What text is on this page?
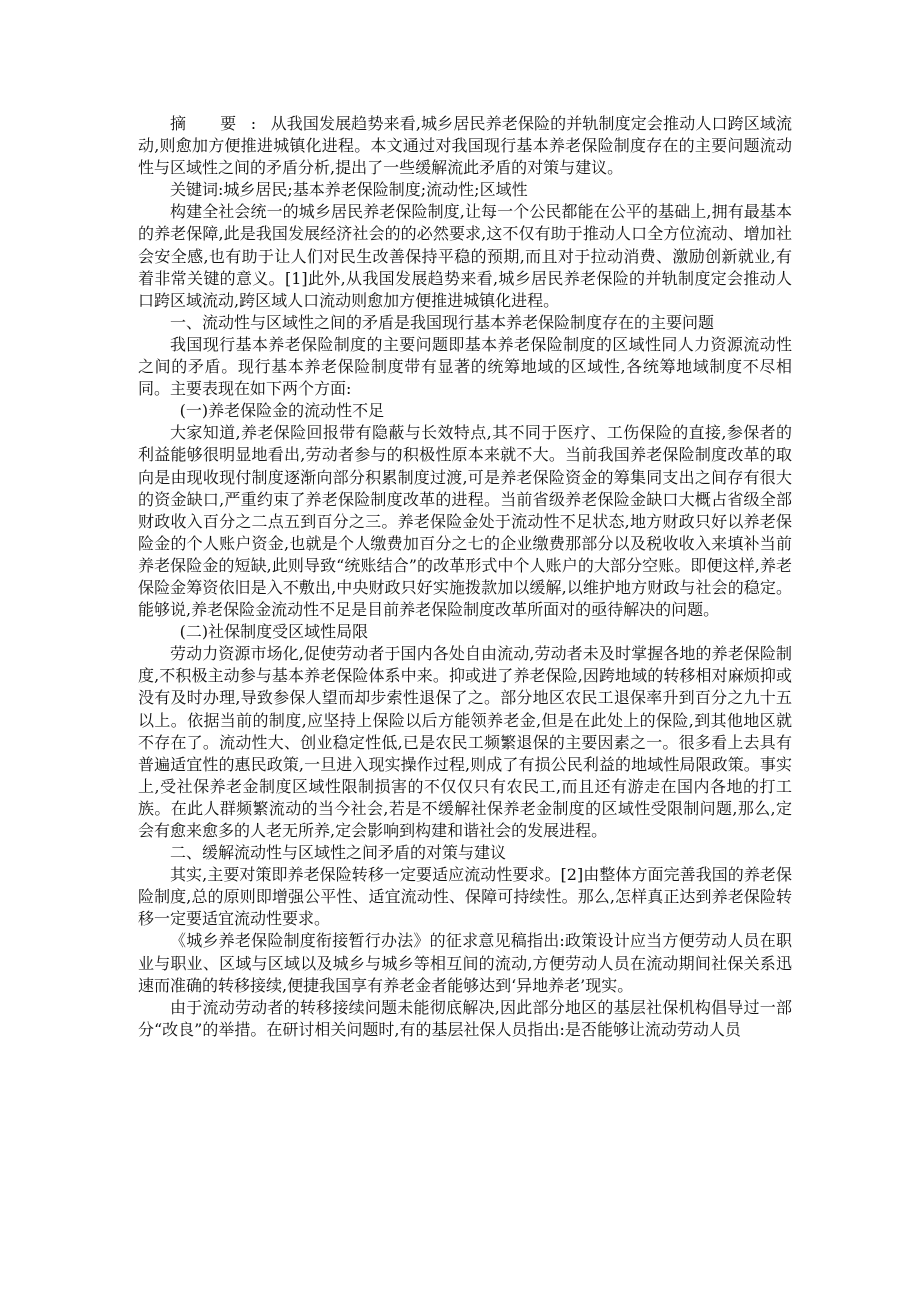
摘 要:从我国发展趋势来看,城乡居民养老保险的并轨制度定会推动人口跨区域流动,则愈加方便推进城镇化进程。本文通过对我国现行基本养老保险制度存在的主要问题流动性与区域性之间的矛盾分析,提出了一些缓解流此矛盾的对策与建议。

关键词:城乡居民;基本养老保险制度;流动性;区域性

构建全社会统一的城乡居民养老保险制度,让每一个公民都能在公平的基础上,拥有最基本的养老保障,此是我国发展经济社会的的必然要求,这不仅有助于推动人口全方位流动、增加社会安全感,也有助于让人们对民生改善保持平稳的预期,而且对于拉动消费、激励创新就业,有着非常关键的意义。[1]此外,从我国发展趋势来看,城乡居民养老保险的并轨制度定会推动人口跨区域流动,跨区域人口流动则愈加方便推进城镇化进程。

一、流动性与区域性之间的矛盾是我国现行基本养老保险制度存在的主要问题

我国现行基本养老保险制度的主要问题即基本养老保险制度的区域性同人力资源流动性之间的矛盾。现行基本养老保险制度带有显著的统筹地域的区域性,各统筹地域制度不尽相同。主要表现在如下两个方面:

(一)养老保险金的流动性不足

大家知道,养老保险回报带有隐蔽与长效特点,其不同于医疗、工伤保险的直接,参保者的利益能够很明显地看出,劳动者参与的积极性原本来就不大。当前我国养老保险制度改革的取向是由现收现付制度逐渐向部分积累制度过渡,可是养老保险资金的筹集同支出之间存有很大的资金缺口,严重约束了养老保险制度改革的进程。当前省级养老保险金缺口大概占省级全部财政收入百分之二点五到百分之三。养老保险金处于流动性不足状态,地方财政只好以养老保险金的个人账户资金,也就是个人缴费加百分之七的企业缴费那部分以及税收收入来填补当前养老保险金的短缺,此则导致“统账结合”的改革形式中个人账户的大部分空账。即便这样,养老保险金筹资依旧是入不敷出,中央财政只好实施拨款加以缓解,以维护地方财政与社会的稳定。能够说,养老保险金流动性不足是目前养老保险制度改革所面对的亟待解决的问题。

(二)社保制度受区域性局限

劳动力资源市场化,促使劳动者于国内各处自由流动,劳动者未及时掌握各地的养老保险制度,不积极主动参与基本养老保险体系中来。抑或进了养老保险,因跨地域的转移相对麻烦抑或没有及时办理,导致参保人望而却步索性退保了之。部分地区农民工退保率升到百分之九十五以上。依据当前的制度,应坚持上保险以后方能领养老金,但是在此处上的保险,到其他地区就不存在了。流动性大、创业稳定性低,已是农民工频繁退保的主要因素之一。很多看上去具有普遍适宜性的惠民政策,一旦进入现实操作过程,则成了有损公民利益的地域性局限政策。事实上,受社保养老金制度区域性限制损害的不仅仅只有农民工,而且还有游走在国内各地的打工族。在此人群频繁流动的当今社会,若是不缓解社保养老金制度的区域性受限制问题,那么,定会有愈来愈多的人老无所养,定会影响到构建和谐社会的发展进程。

二、缓解流动性与区域性之间矛盾的对策与建议

其实,主要对策即养老保险转移一定要适应流动性要求。[2]由整体方面完善我国的养老保险制度,总的原则即增强公平性、适宜流动性、保障可持续性。那么,怎样真正达到养老保险转移一定要适宜流动性要求。

《城乡养老保险制度衔接暂行办法》的征求意见稿指出:政策设计应当方便劳动人员在职业与职业、区域与区域以及城乡与城乡等相互间的流动,方便劳动人员在流动期间社保关系迅速而准确的转移接续,便捷我国享有养老金者能够达到‘异地养老’现实。

由于流动劳动者的转移接续问题未能彻底解决,因此部分地区的基层社保机构倡导过一部分“改良”的举措。在研讨相关问题时,有的基层社保人员指出:是否能够让流动劳动人员
